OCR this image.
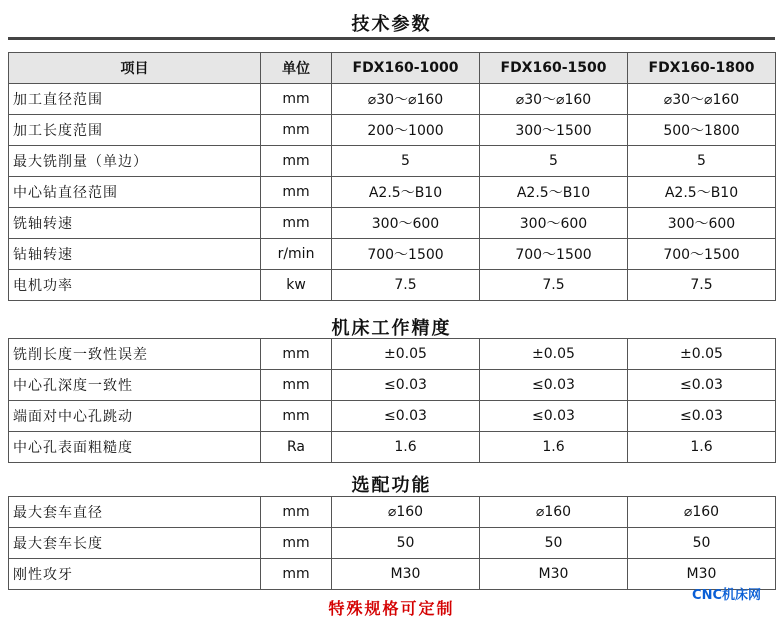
技术参数
项目	单位	FDX160-1000	FDX160-1500	FDX160-1800
加工直径范围	mm	⌀30～⌀160	⌀30～⌀160	⌀30～⌀160
加工长度范围	mm	200～1000	300～1500	500～1800
最大铣削量（单边）	mm	5	5	5
中心钻直径范围	mm	A2.5～B10	A2.5～B10	A2.5～B10
铣轴转速	mm	300～600	300～600	300～600
钻轴转速	r/min	700～1500	700～1500	700～1500
电机功率	kw	7.5	7.5	7.5
机床工作精度
铣削长度一致性误差	mm	±0.05	±0.05	±0.05
中心孔深度一致性	mm	≤0.03	≤0.03	≤0.03
端面对中心孔跳动	mm	≤0.03	≤0.03	≤0.03
中心孔表面粗糙度	Ra	1.6	1.6	1.6
选配功能
最大套车直径	mm	⌀160	⌀160	⌀160
最大套车长度	mm	50	50	50
刚性攻牙	mm	M30	M30	M30
特殊规格可定制
CNC机床网
